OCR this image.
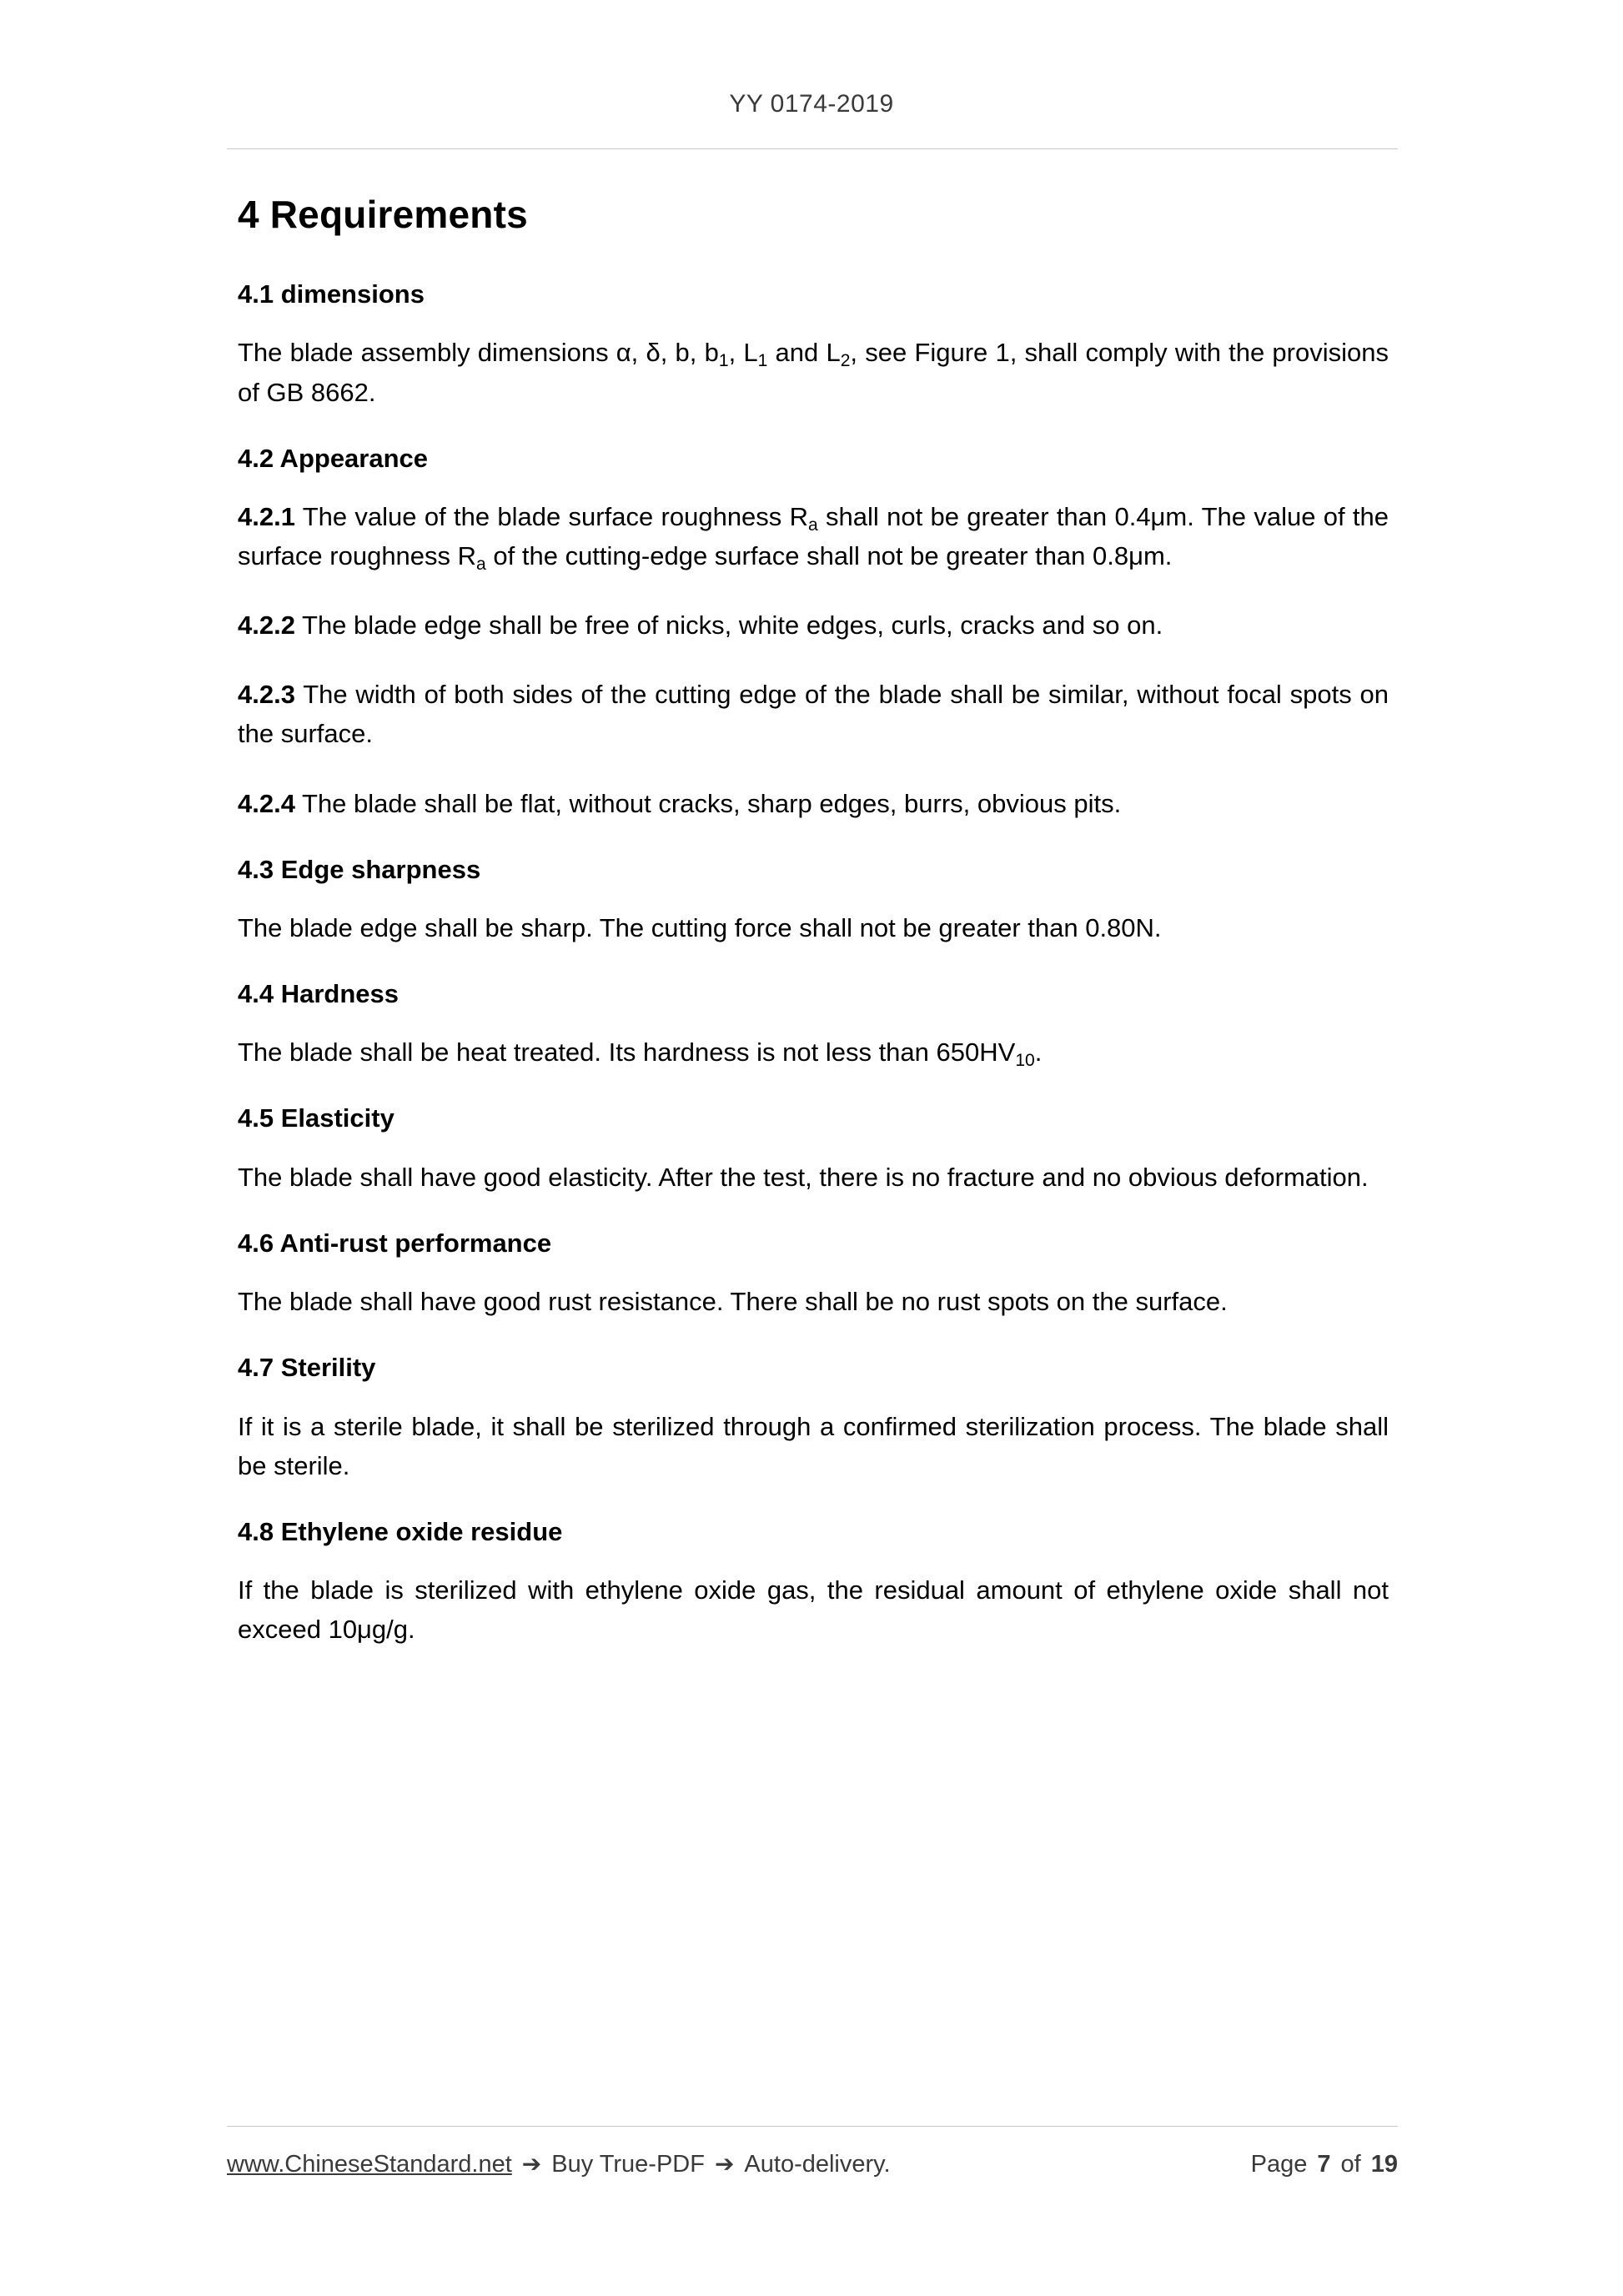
YY 0174-2019
4 Requirements
4.1 dimensions

The blade assembly dimensions α, δ, b, $b_1$, $L_1$ and $L_2$, see Figure 1, shall comply with the provisions of GB 8662.

4.2 Appearance

4.2.1 The value of the blade surface roughness $R_a$ shall not be greater than 0.4μm. The value of the surface roughness $R_a$ of the cutting-edge surface shall not be greater than 0.8μm.

4.2.2 The blade edge shall be free of nicks, white edges, curls, cracks and so on.

4.2.3 The width of both sides of the cutting edge of the blade shall be similar, without focal spots on the surface.

4.2.4 The blade shall be flat, without cracks, sharp edges, burrs, obvious pits.

4.3 Edge sharpness

The blade edge shall be sharp. The cutting force shall not be greater than 0.80N.

4.4 Hardness

The blade shall be heat treated. Its hardness is not less than $650HV_{10}$.

4.5 Elasticity

The blade shall have good elasticity. After the test, there is no fracture and no obvious deformation.

4.6 Anti-rust performance

The blade shall have good rust resistance. There shall be no rust spots on the surface.

4.7 Sterility

If it is a sterile blade, it shall be sterilized through a confirmed sterilization process. The blade shall be sterile.

4.8 Ethylene oxide residue

If the blade is sterilized with ethylene oxide gas, the residual amount of ethylene oxide shall not exceed 10μg/g.

www.ChineseStandard.net ➔ Buy True-PDF ➔ Auto-delivery.	Page 7 of 19
